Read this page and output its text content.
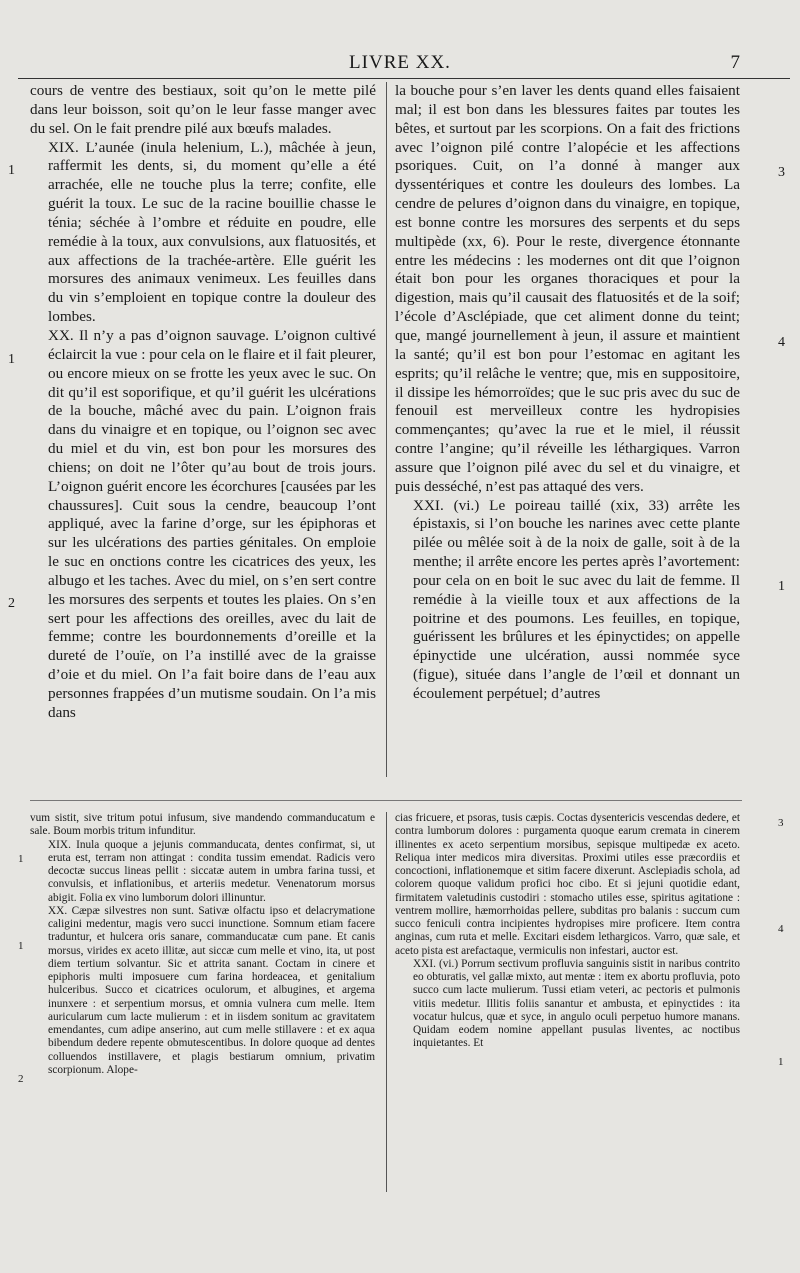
LIVRE XX.	7

cours de ventre des bestiaux, soit qu’on le mette pilé dans leur boisson, soit qu’on le leur fasse manger avec du sel. On le fait prendre pilé aux bœufs malades.

XIX. L’aunée (inula helenium, L.), mâchée à jeun, raffermit les dents, si, du moment qu’elle a été arrachée, elle ne touche plus la terre; confite, elle guérit la toux. Le suc de la racine bouillie chasse le ténia; séchée à l’ombre et réduite en poudre, elle remédie à la toux, aux convulsions, aux flatuosités, et aux affections de la trachée-artère. Elle guérit les morsures des animaux venimeux. Les feuilles dans du vin s’emploient en topique contre la douleur des lombes.

XX. Il n’y a pas d’oignon sauvage. L’oignon cultivé éclaircit la vue : pour cela on le flaire et il fait pleurer, ou encore mieux on se frotte les yeux avec le suc. On dit qu’il est soporifique, et qu’il guérit les ulcérations de la bouche, mâché avec du pain. L’oignon frais dans du vinaigre et en topique, ou l’oignon sec avec du miel et du vin, est bon pour les morsures des chiens; on doit ne l’ôter qu’au bout de trois jours. L’oignon guérit encore les écorchures [causées par les chaussures]. Cuit sous la cendre, beaucoup l’ont appliqué, avec la farine d’orge, sur les épiphoras et sur les ulcérations des parties génitales. On emploie le suc en onctions contre les cicatrices des yeux, les albugo et les taches. Avec du miel, on s’en sert contre les morsures des serpents et toutes les plaies. On s’en sert pour les affections des oreilles, avec du lait de femme; contre les bourdonnements d’oreille et la dureté de l’ouïe, on l’a instillé avec de la graisse d’oie et du miel. On l’a fait boire dans de l’eau aux personnes frappées d’un mutisme soudain. On l’a mis dans

la bouche pour s’en laver les dents quand elles faisaient mal; il est bon dans les blessures faites par toutes les bêtes, et surtout par les scorpions. On a fait des frictions avec l’oignon pilé contre l’alopécie et les affections psoriques. Cuit, on l’a donné à manger aux dyssentériques et contre les douleurs des lombes. La cendre de pelures d’oignon dans du vinaigre, en topique, est bonne contre les morsures des serpents et du seps multipède (xx, 6). Pour le reste, divergence étonnante entre les médecins : les modernes ont dit que l’oignon était bon pour les organes thoraciques et pour la digestion, mais qu’il causait des flatuosités et de la soif; l’école d’Asclépiade, que cet aliment donne du teint; que, mangé journellement à jeun, il assure et maintient la santé; qu’il est bon pour l’estomac en agitant les esprits; qu’il relâche le ventre; que, mis en suppositoire, il dissipe les hémorroïdes; que le suc pris avec du suc de fenouil est merveilleux contre les hydropisies commençantes; qu’avec la rue et le miel, il réussit contre l’angine; qu’il réveille les léthargiques. Varron assure que l’oignon pilé avec du sel et du vinaigre, et puis desséché, n’est pas attaqué des vers.

XXI. (vi.) Le poireau taillé (xix, 33) arrête les épistaxis, si l’on bouche les narines avec cette plante pilée ou mêlée soit à de la noix de galle, soit à de la menthe; il arrête encore les pertes après l’avortement: pour cela on en boit le suc avec du lait de femme. Il remédie à la vieille toux et aux affections de la poitrine et des poumons. Les feuilles, en topique, guérissent les brûlures et les épinyctides; on appelle épinyctide une ulcération, aussi nommée syce (figue), située dans l’angle de l’œil et donnant un écoulement perpétuel; d’autres

1
1
2
3
4
1

vum sistit, sive tritum potui infusum, sive mandendo commanducatum e sale. Boum morbis tritum infunditur.

XIX. Inula quoque a jejunis commanducata, dentes confirmat, si, ut eruta est, terram non attingat : condita tussim emendat. Radicis vero decoctæ succus lineas pellit : siccatæ autem in umbra farina tussi, et convulsis, et inflationibus, et arteriis medetur. Venenatorum morsus abigit. Folia ex vino lumborum dolori illinuntur.

XX. Cæpæ silvestres non sunt. Sativæ olfactu ipso et delacrymatione caligini medentur, magis vero succi inunctione. Somnum etiam facere traduntur, et hulcera oris sanare, commanducatæ cum pane. Et canis morsus, virides ex aceto illitæ, aut siccæ cum melle et vino, ita, ut post diem tertium solvantur. Sic et attrita sanant. Coctam in cinere et epiphoris multi imposuere cum farina hordeacea, et genitalium hulceribus. Succo et cicatrices oculorum, et albugines, et argema inunxere : et serpentium morsus, et omnia vulnera cum melle. Item auricularum cum lacte mulierum : et in iisdem sonitum ac gravitatem emendantes, cum adipe anserino, aut cum melle stillavere : et ex aqua bibendum dedere repente obmutescentibus. In dolore quoque ad dentes colluendos instillavere, et plagis bestiarum omnium, privatim scorpionum. Alope-

cias fricuere, et psoras, tusis cæpis. Coctas dysentericis vescendas dedere, et contra lumborum dolores : purgamenta quoque earum cremata in cinerem illinentes ex aceto serpentium morsibus, sepisque multipedæ ex aceto. Reliqua inter medicos mira diversitas. Proximi utiles esse præcordiis et concoctioni, inflationemque et sitim facere dixerunt. Asclepiadis schola, ad colorem quoque validum profici hoc cibo. Et si jejuni quotidie edant, firmitatem valetudinis custodiri : stomacho utiles esse, spiritus agitatione : ventrem mollire, hæmorrhoidas pellere, subditas pro balanis : succum cum succo feniculi contra incipientes hydropises mire proficere. Item contra anginas, cum ruta et melle. Excitari eisdem lethargicos. Varro, quæ sale, et aceto pista est arefactaque, vermiculis non infestari, auctor est.

XXI. (vi.) Porrum sectivum profluvia sanguinis sistit in naribus contrito eo obturatis, vel gallæ mixto, aut mentæ : item ex abortu profluvia, poto succo cum lacte mulierum. Tussi etiam veteri, ac pectoris et pulmonis vitiis medetur. Illitis foliis sanantur et ambusta, et epinyctides : ita vocatur hulcus, quæ et syce, in angulo oculi perpetuo humore manans. Quidam eodem nomine appellant pusulas liventes, ac noctibus inquietantes. Et

1
1
2
3
4
1
